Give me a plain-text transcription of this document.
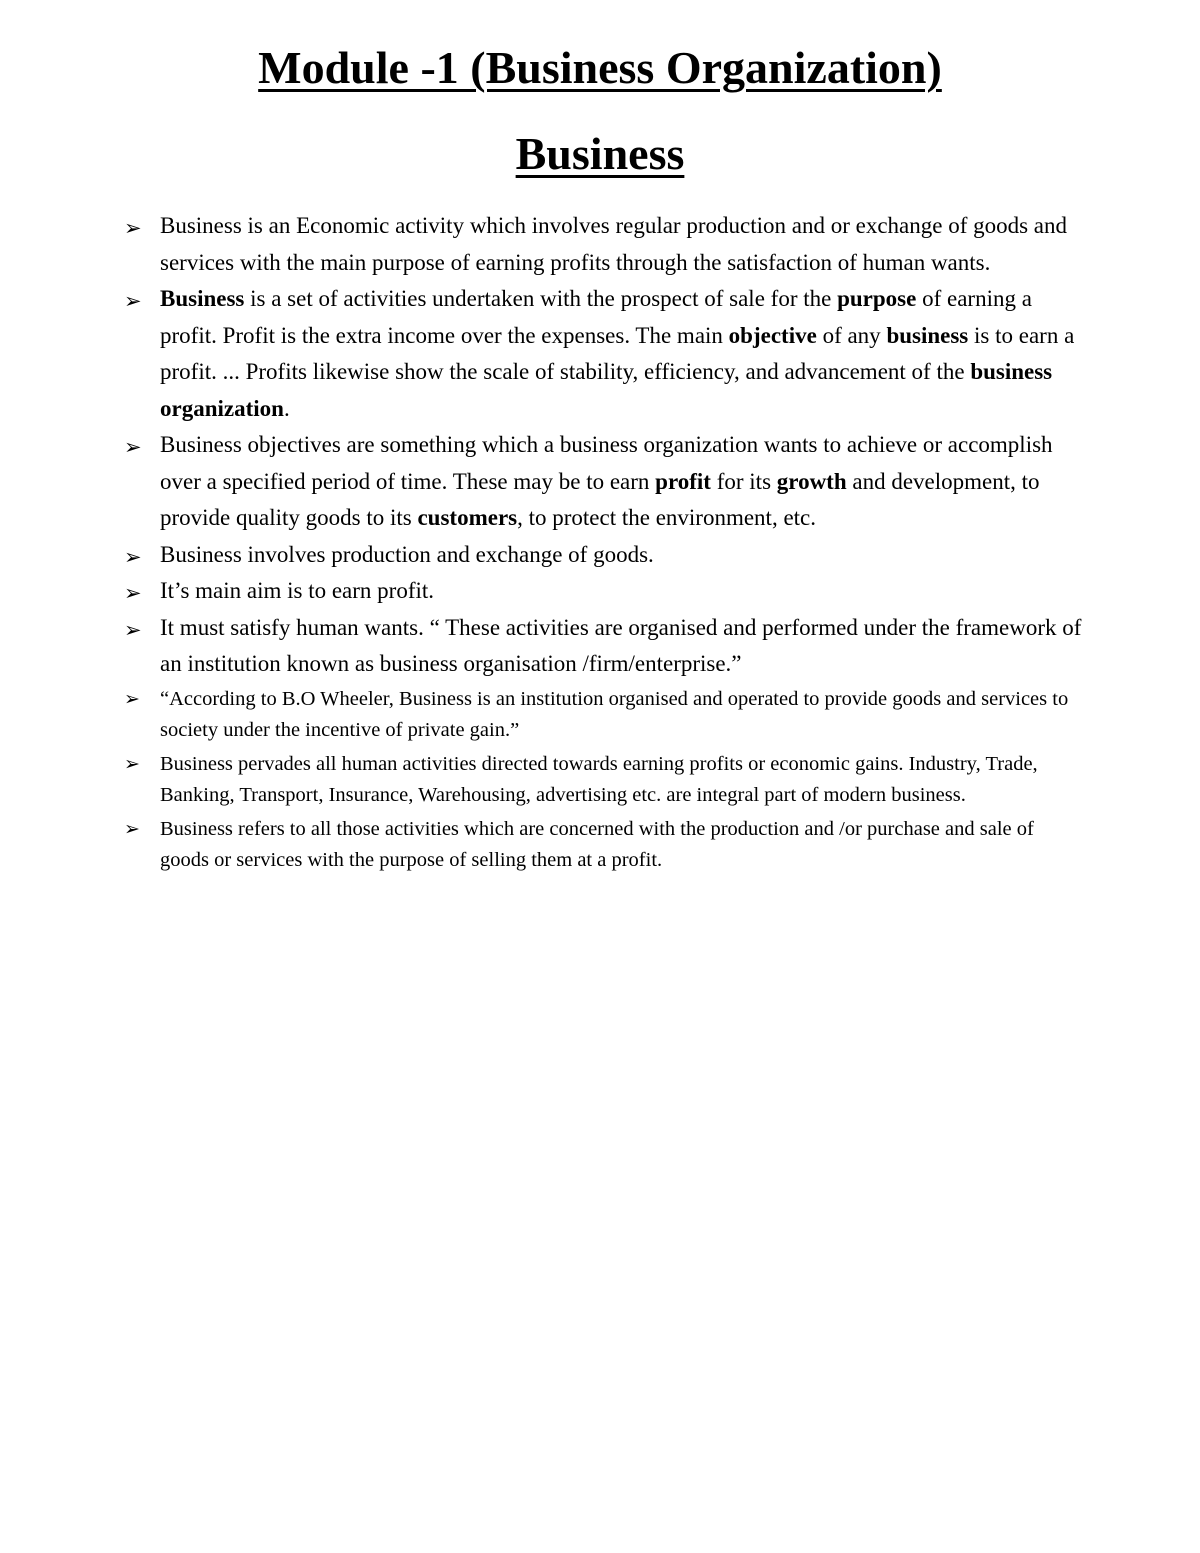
Module -1 (Business Organization)
Business
➢ Business is an Economic activity which involves regular production and or exchange of goods and services with the main purpose of earning profits through the satisfaction of human wants.
➢ Business is a set of activities undertaken with the prospect of sale for the purpose of earning a profit. Profit is the extra income over the expenses. The main objective of any business is to earn a profit. ... Profits likewise show the scale of stability, efficiency, and advancement of the business organization.
➢ Business objectives are something which a business organization wants to achieve or accomplish over a specified period of time. These may be to earn profit for its growth and development, to provide quality goods to its customers, to protect the environment, etc.
➢ Business involves production and exchange of goods.
➢ It’s main aim is to earn profit.
➢ It must satisfy human wants. “ These activities are organised and performed under the framework of an institution known as business organisation /firm/enterprise.”
➢ “According to B.O Wheeler, Business is an institution organised and operated to provide goods and services to society under the incentive of private gain.”
➢ Business pervades all human activities directed towards earning profits or economic gains. Industry, Trade, Banking, Transport, Insurance, Warehousing, advertising etc. are integral part of modern business.
➢ Business refers to all those activities which are concerned with the production and /or purchase and sale of goods or services with the purpose of selling them at a profit.
